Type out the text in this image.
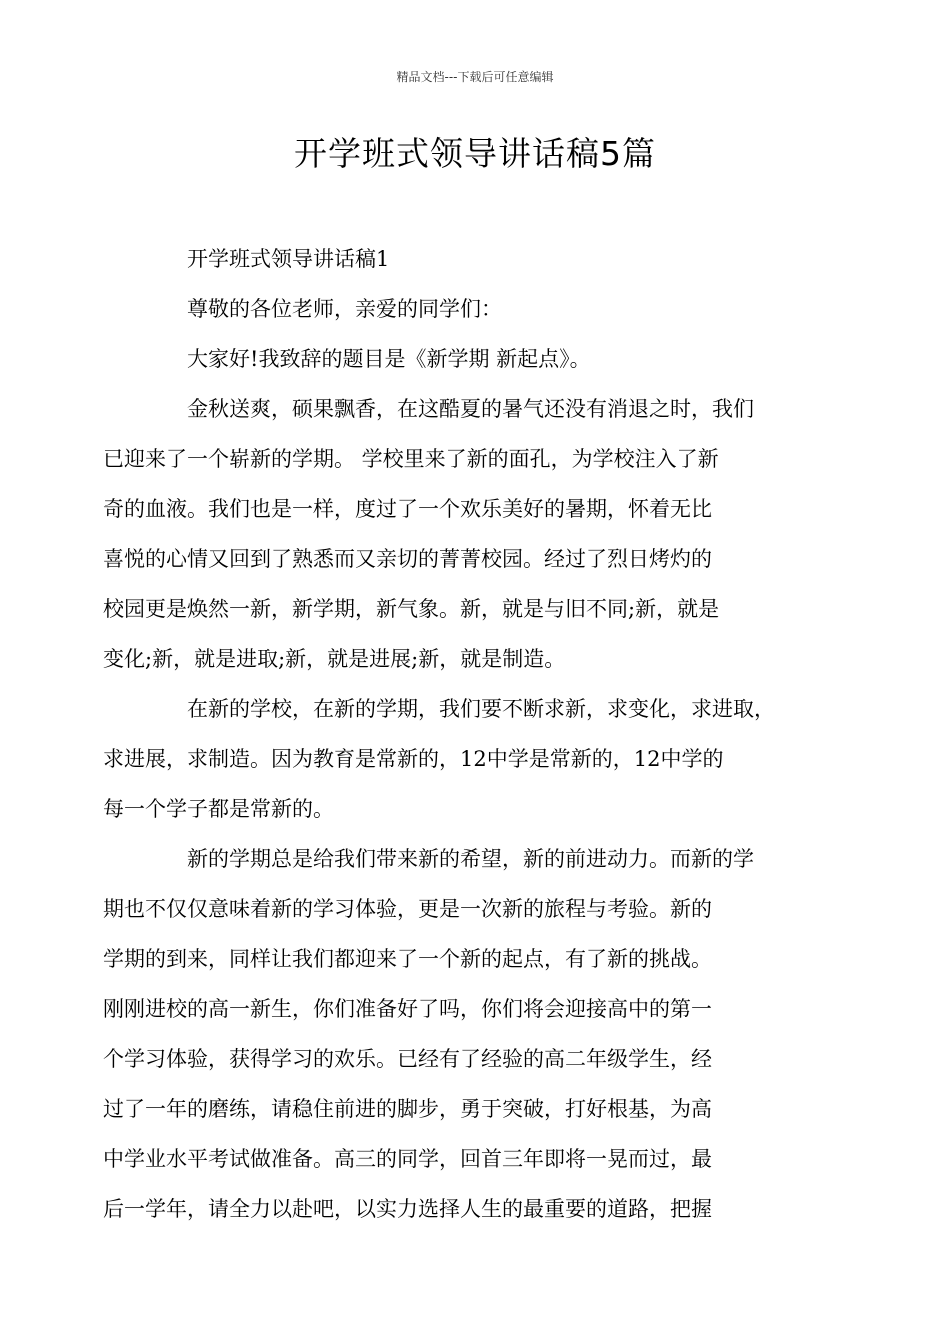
精品文档---下载后可任意编辑
开学班式领导讲话稿5篇

开学班式领导讲话稿1

尊敬的各位老师，亲爱的同学们：

大家好!我致辞的题目是《新学期 新起点》。

金秋送爽，硕果飘香，在这酷夏的暑气还没有消退之时，我们
已迎来了一个崭新的学期。 学校里来了新的面孔，为学校注入了新
奇的血液。我们也是一样，度过了一个欢乐美好的暑期，怀着无比
喜悦的心情又回到了熟悉而又亲切的菁菁校园。经过了烈日烤灼的
校园更是焕然一新，新学期，新气象。新，就是与旧不同;新，就是
变化;新，就是进取;新，就是进展;新，就是制造。

在新的学校，在新的学期，我们要不断求新，求变化，求进取，
求进展，求制造。因为教育是常新的，12中学是常新的，12中学的
每一个学子都是常新的。

新的学期总是给我们带来新的希望，新的前进动力。而新的学
期也不仅仅意味着新的学习体验，更是一次新的旅程与考验。新的
学期的到来，同样让我们都迎来了一个新的起点，有了新的挑战。
刚刚进校的高一新生，你们准备好了吗，你们将会迎接高中的第一
个学习体验，获得学习的欢乐。已经有了经验的高二年级学生，经
过了一年的磨练，请稳住前进的脚步，勇于突破，打好根基，为高
中学业水平考试做准备。高三的同学，回首三年即将一晃而过，最
后一学年，请全力以赴吧，以实力选择人生的最重要的道路，把握
